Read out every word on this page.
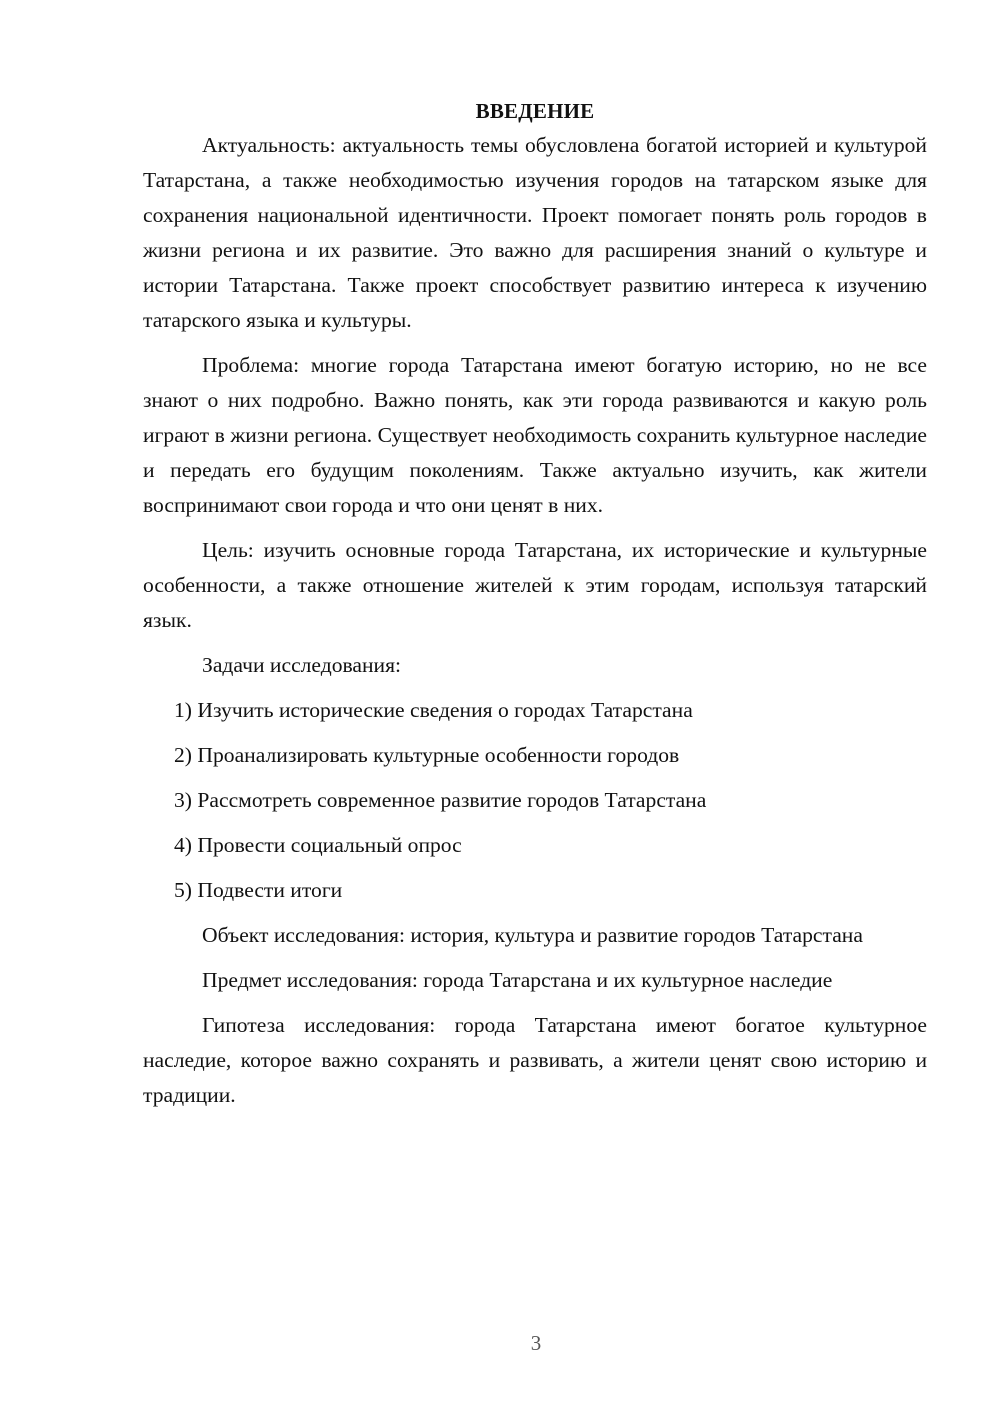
ВВЕДЕНИЕ

Актуальность: актуальность темы обусловлена богатой историей и культурой Татарстана, а также необходимостью изучения городов на татарском языке для сохранения национальной идентичности. Проект помогает понять роль городов в жизни региона и их развитие. Это важно для расширения знаний о культуре и истории Татарстана. Также проект способствует развитию интереса к изучению татарского языка и культуры.

Проблема: многие города Татарстана имеют богатую историю, но не все знают о них подробно. Важно понять, как эти города развиваются и какую роль играют в жизни региона. Существует необходимость сохранить культурное наследие и передать его будущим поколениям. Также актуально изучить, как жители воспринимают свои города и что они ценят в них.

Цель: изучить основные города Татарстана, их исторические и культурные особенности, а также отношение жителей к этим городам, используя татарский язык.

Задачи исследования:

1) Изучить исторические сведения о городах Татарстана

2) Проанализировать культурные особенности городов

3) Рассмотреть современное развитие городов Татарстана

4) Провести социальный опрос

5) Подвести итоги

Объект исследования: история, культура и развитие городов Татарстана

Предмет исследования: города Татарстана и их культурное наследие

Гипотеза исследования: города Татарстана имеют богатое культурное наследие, которое важно сохранять и развивать, а жители ценят свою историю и традиции.

3
